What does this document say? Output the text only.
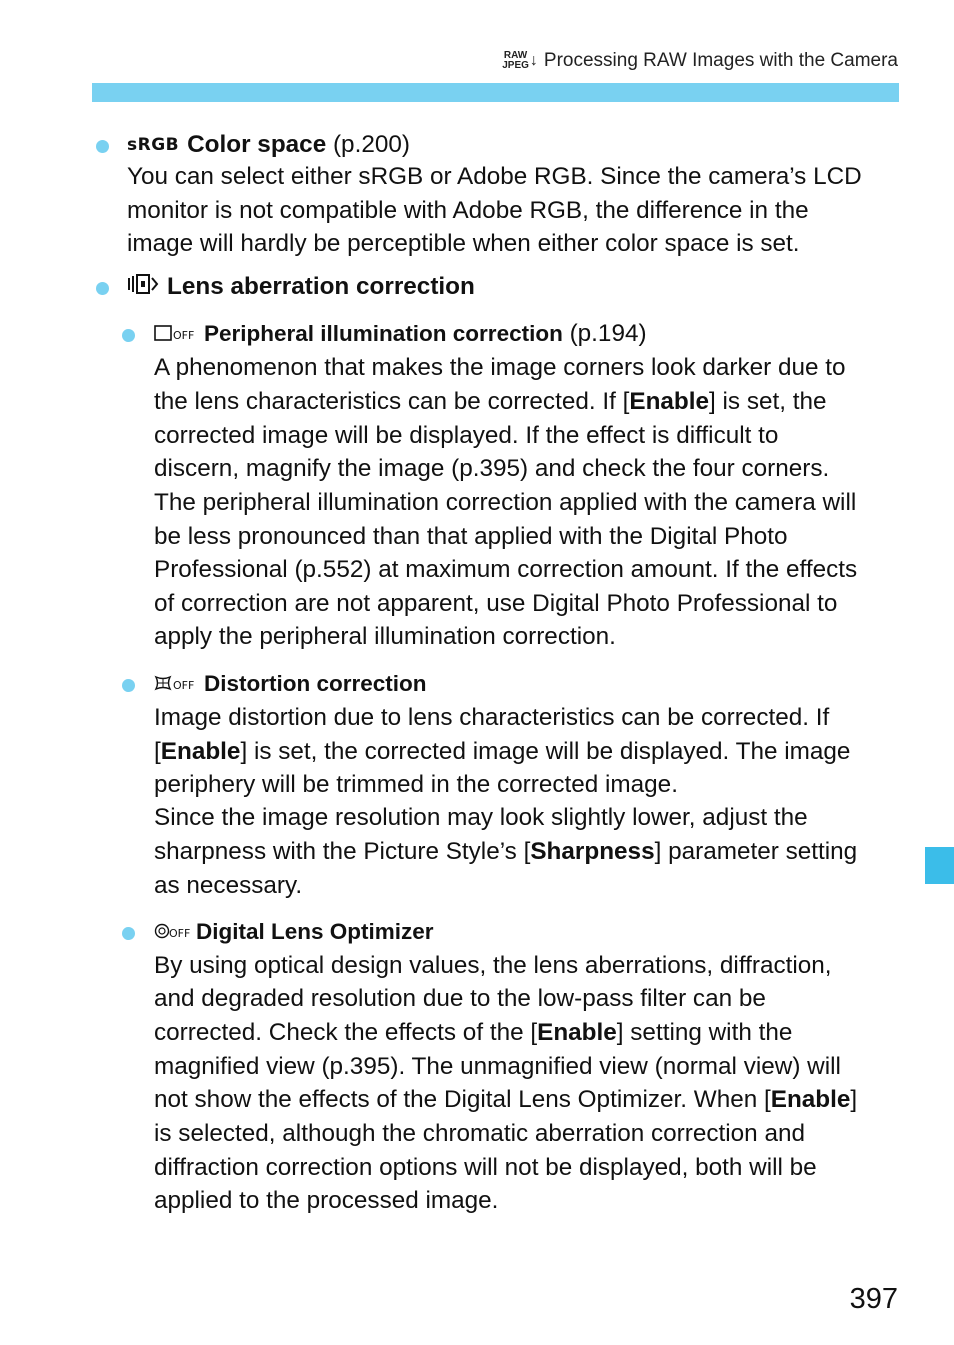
RAW
JPEG ↓ Processing RAW Images with the Camera
sRGB Color space (p.200)
You can select either sRGB or Adobe RGB. Since the camera’s LCD
monitor is not compatible with Adobe RGB, the difference in the
image will hardly be perceptible when either color space is set.
Lens aberration correction
OFF Peripheral illumination correction (p.194)
A phenomenon that makes the image corners look darker due to
the lens characteristics can be corrected. If [Enable] is set, the
corrected image will be displayed. If the effect is difficult to
discern, magnify the image (p.395) and check the four corners.
The peripheral illumination correction applied with the camera will
be less pronounced than that applied with the Digital Photo
Professional (p.552) at maximum correction amount. If the effects
of correction are not apparent, use Digital Photo Professional to
apply the peripheral illumination correction.
OFF Distortion correction
Image distortion due to lens characteristics can be corrected. If
[Enable] is set, the corrected image will be displayed. The image
periphery will be trimmed in the corrected image.
Since the image resolution may look slightly lower, adjust the
sharpness with the Picture Style’s [Sharpness] parameter setting
as necessary.
OFF Digital Lens Optimizer
By using optical design values, the lens aberrations, diffraction,
and degraded resolution due to the low-pass filter can be
corrected. Check the effects of the [Enable] setting with the
magnified view (p.395). The unmagnified view (normal view) will
not show the effects of the Digital Lens Optimizer. When [Enable]
is selected, although the chromatic aberration correction and
diffraction correction options will not be displayed, both will be
applied to the processed image.
397
